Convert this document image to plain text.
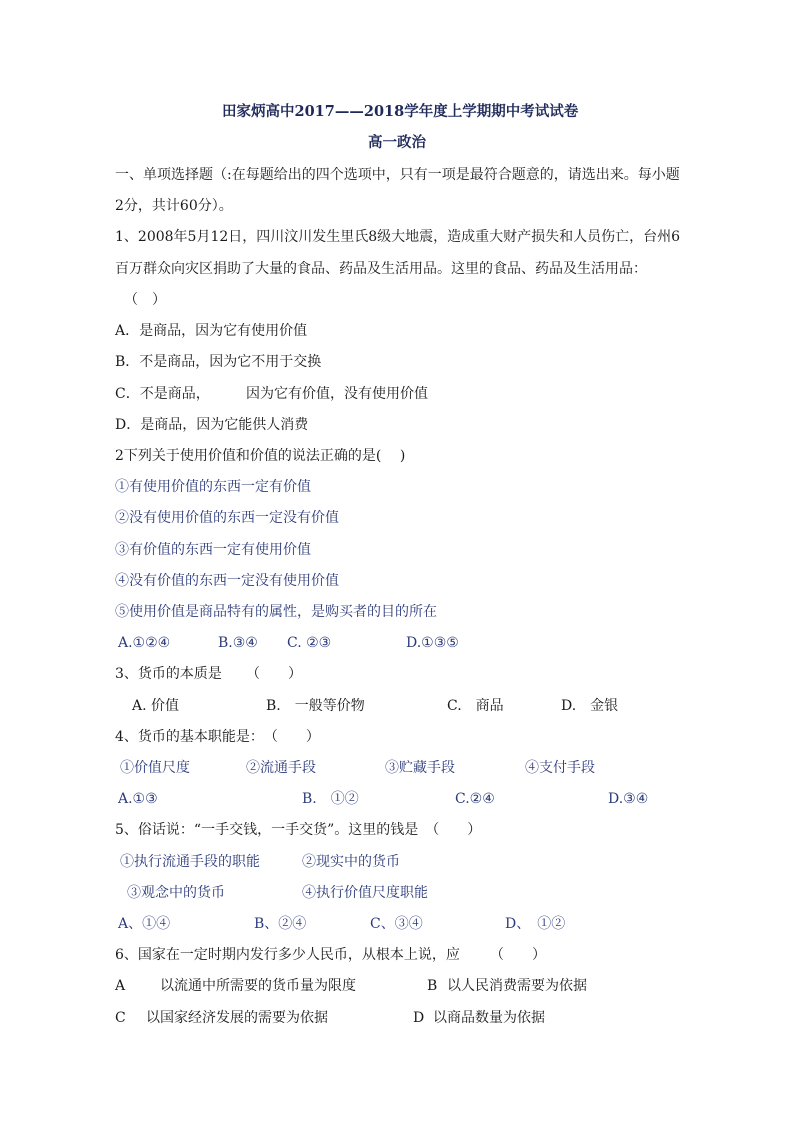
田家炳高中2017——2018学年度上学期期中考试试卷
高一政治
一、单项选择题（:在每题给出的四个选项中，只有一项是最符合题意的，请选出来。每小题
2分，共计60分）。
1、2008年5月12日，四川汶川发生里氏8级大地震，造成重大财产损失和人员伤亡，台州6
百万群众向灾区捐助了大量的食品、药品及生活用品。这里的食品、药品及生活用品：
（　）
A．是商品，因为它有使用价值
B．不是商品，因为它不用于交换
C．不是商品，	因为它有价值，没有使用价值
D．是商品，因为它能供人消费
2下列关于使用价值和价值的说法正确的是(　 )
①有使用价值的东西一定有价值
②没有使用价值的东西一定没有价值
③有价值的东西一定有使用价值
④没有价值的东西一定没有使用价值
⑤使用价值是商品特有的属性，是购买者的目的所在
A.①②④	B.③④ C. ②③	D.①③⑤
3、货币的本质是 （　　）
A. 价值	B.　一般等价物	C.　商品	D.　金银
4、货币的基本职能是：　（　　）
①价值尺度	②流通手段	③贮藏手段	④支付手段
A.①③	B.　①②	C.②④	D.③④
5、俗话说：“一手交钱，一手交货”。这里的钱是　（　　）
①执行流通手段的职能	②现实中的货币
③观念中的货币	④执行价值尺度职能
A、①④	B、②④	C、③④	D、　①②
6、国家在一定时期内发行多少人民币，从根本上说，应 （　　）
A 以流通中所需要的货币量为限度	B 以人民消费需要为依据
C 以国家经济发展的需要为依据	D 以商品数量为依据
